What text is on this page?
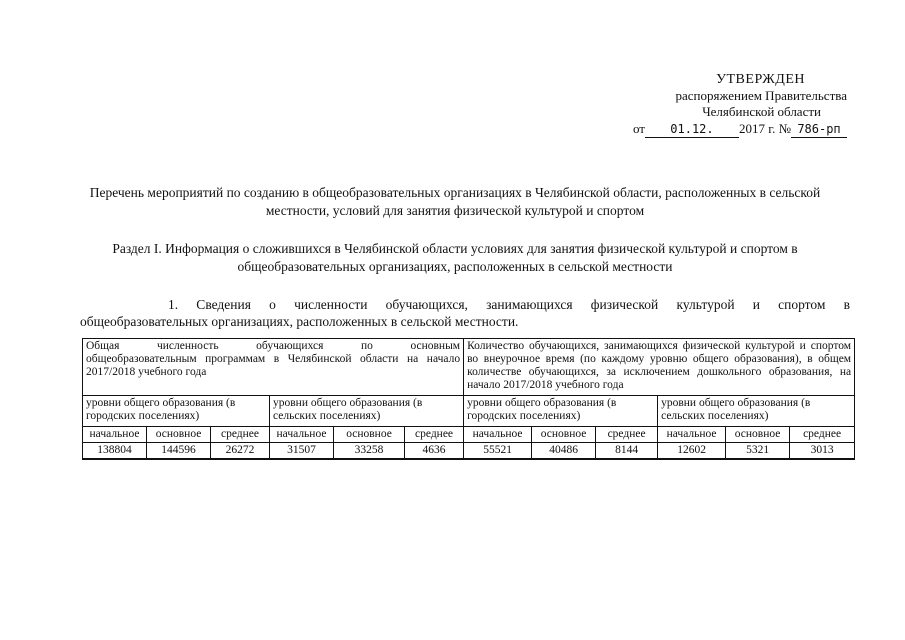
УТВЕРЖДЕН
распоряжением Правительства
Челябинской области
от 01.12. 2017 г. № 786-рп
Перечень мероприятий по созданию в общеобразовательных организациях в Челябинской области, расположенных в сельской местности, условий для занятия физической культурой и спортом
Раздел I. Информация о сложившихся в Челябинской области условиях для занятия физической культурой и спортом в общеобразовательных организациях, расположенных в сельской местности
1. Сведения о численности обучающихся, занимающихся физической культурой и спортом в
общеобразовательных организациях, расположенных в сельской местности.
Общая численность обучающихся по основным
общеобразовательным программам в Челябинской области на начало 2017/2018 учебного года						Количество обучающихся, занимающихся физической культурой и спортом во внеурочное время (по каждому уровню общего образования), в общем количестве обучающихся, за исключением дошкольного образования, на начало 2017/2018 учебного года					
уровни общего образования (в городских поселениях)			уровни общего образования (в сельских поселениях)			уровни общего образования (в городских поселениях)			уровни общего образования (в сельских поселениях)		
начальное	основное	среднее	начальное	основное	среднее	начальное	основное	среднее	начальное	основное	среднее
138804	144596	26272	31507	33258	4636	55521	40486	8144	12602	5321	3013
